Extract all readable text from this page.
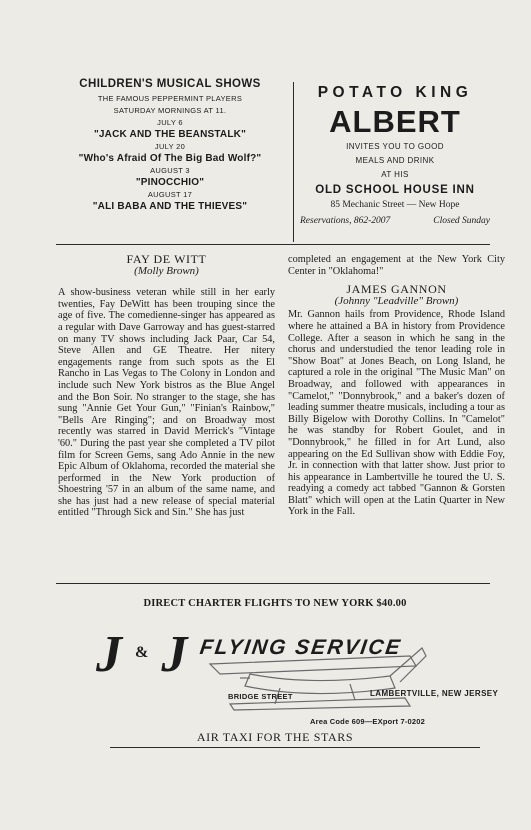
CHILDREN'S MUSICAL SHOWS
THE FAMOUS PEPPERMINT PLAYERS
SATURDAY MORNINGS AT 11.
JULY 6
"JACK AND THE BEANSTALK"
JULY 20
"Who's Afraid Of The Big Bad Wolf?"
AUGUST 3
"PINOCCHIO"
AUGUST 17
"ALI BABA AND THE THIEVES"
POTATO KING
ALBERT
INVITES YOU TO GOOD
MEALS AND DRINK
AT HIS
OLD SCHOOL HOUSE INN
85 Mechanic Street — New Hope
Reservations, 862-2007	Closed Sunday
FAY DE WITT
(Molly Brown)

A show-business veteran while still in her early twenties, Fay DeWitt has been trouping since the age of five. The comedienne-singer has appeared as a regular with Dave Garroway and has guest-starred on many TV shows including Jack Paar, Car 54, Steve Allen and GE Theatre. Her nitery engagements range from such spots as the El Rancho in Las Vegas to The Colony in London and include such New York bistros as the Blue Angel and the Bon Soir. No stranger to the stage, she has sung "Annie Get Your Gun," "Finian's Rainbow," "Bells Are Ringing"; and on Broadway most recently was starred in David Merrick's "Vintage '60." During the past year she completed a TV pilot film for Screen Gems, sang Ado Annie in the new Epic Album of Oklahoma, recorded the material she performed in the New York production of Shoestring '57 in an album of the same name, and she has just had a new release of special material entitled "Through Sick and Sin." She has just

completed an engagement at the New York City Center in "Oklahoma!"

JAMES GANNON
(Johnny "Leadville" Brown)

Mr. Gannon hails from Providence, Rhode Island where he attained a BA in history from Providence College. After a season in which he sang in the chorus and understudied the tenor leading role in "Show Boat" at Jones Beach, on Long Island, he captured a role in the original "The Music Man" on Broadway, and followed with appearances in "Camelot," "Donnybrook," and a baker's dozen of leading summer theatre musicals, including a tour as Billy Bigelow with Dorothy Collins. In "Camelot" he was standby for Robert Goulet, and in "Donnybrook," he filled in for Art Lund, also appearing on the Ed Sullivan show with Eddie Foy, Jr. in connection with that latter show. Just prior to his appearance in Lambertville he toured the U. S. readying a comedy act tabbed "Gannon & Gorsten Blatt" which will open at the Latin Quarter in New York in the Fall.

DIRECT CHARTER FLIGHTS TO NEW YORK $40.00
J & J FLYING SERVICE
BRIDGE STREET	LAMBERTVILLE, NEW JERSEY
Area Code 609—EXport 7-0202
AIR TAXI FOR THE STARS
